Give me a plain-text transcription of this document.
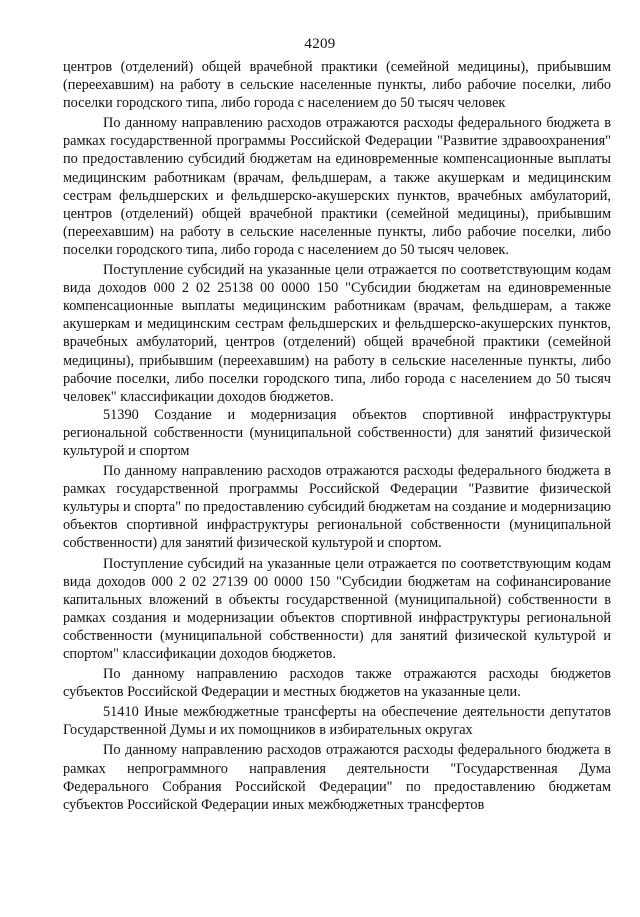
4209

центров (отделений) общей врачебной практики (семейной медицины), прибывшим (переехавшим) на работу в сельские населенные пункты, либо рабочие поселки, либо поселки городского типа, либо города с населением до 50 тысяч человек

По данному направлению расходов отражаются расходы федерального бюджета в рамках государственной программы Российской Федерации "Развитие здравоохранения" по предоставлению субсидий бюджетам на единовременные компенсационные выплаты медицинским работникам (врачам, фельдшерам, а также акушеркам и медицинским сестрам фельдшерских и фельдшерско-акушерских пунктов, врачебных амбулаторий, центров (отделений) общей врачебной практики (семейной медицины), прибывшим (переехавшим) на работу в сельские населенные пункты, либо рабочие поселки, либо поселки городского типа, либо города с населением до 50 тысяч человек.

Поступление субсидий на указанные цели отражается по соответствующим кодам вида доходов 000 2 02 25138 00 0000 150 "Субсидии бюджетам на единовременные компенсационные выплаты медицинским работникам (врачам, фельдшерам, а также акушеркам и медицинским сестрам фельдшерских и фельдшерско-акушерских пунктов, врачебных амбулаторий, центров (отделений) общей врачебной практики (семейной медицины), прибывшим (переехавшим) на работу в сельские населенные пункты, либо рабочие поселки, либо поселки городского типа, либо города с населением до 50 тысяч человек" классификации доходов бюджетов.

51390 Создание и модернизация объектов спортивной инфраструктуры региональной собственности (муниципальной собственности) для занятий физической культурой и спортом

По данному направлению расходов отражаются расходы федерального бюджета в рамках государственной программы Российской Федерации "Развитие физической культуры и спорта" по предоставлению субсидий бюджетам на создание и модернизацию объектов спортивной инфраструктуры региональной собственности (муниципальной собственности) для занятий физической культурой и спортом.

Поступление субсидий на указанные цели отражается по соответствующим кодам вида доходов 000 2 02 27139 00 0000 150 "Субсидии бюджетам на софинансирование капитальных вложений в объекты государственной (муниципальной) собственности в рамках создания и модернизации объектов спортивной инфраструктуры региональной собственности (муниципальной собственности) для занятий физической культурой и спортом" классификации доходов бюджетов.

По данному направлению расходов также отражаются расходы бюджетов субъектов Российской Федерации и местных бюджетов на указанные цели.

51410 Иные межбюджетные трансферты на обеспечение деятельности депутатов Государственной Думы и их помощников в избирательных округах

По данному направлению расходов отражаются расходы федерального бюджета в рамках непрограммного направления деятельности "Государственная Дума Федерального Собрания Российской Федерации" по предоставлению бюджетам субъектов Российской Федерации иных межбюджетных трансфертов
